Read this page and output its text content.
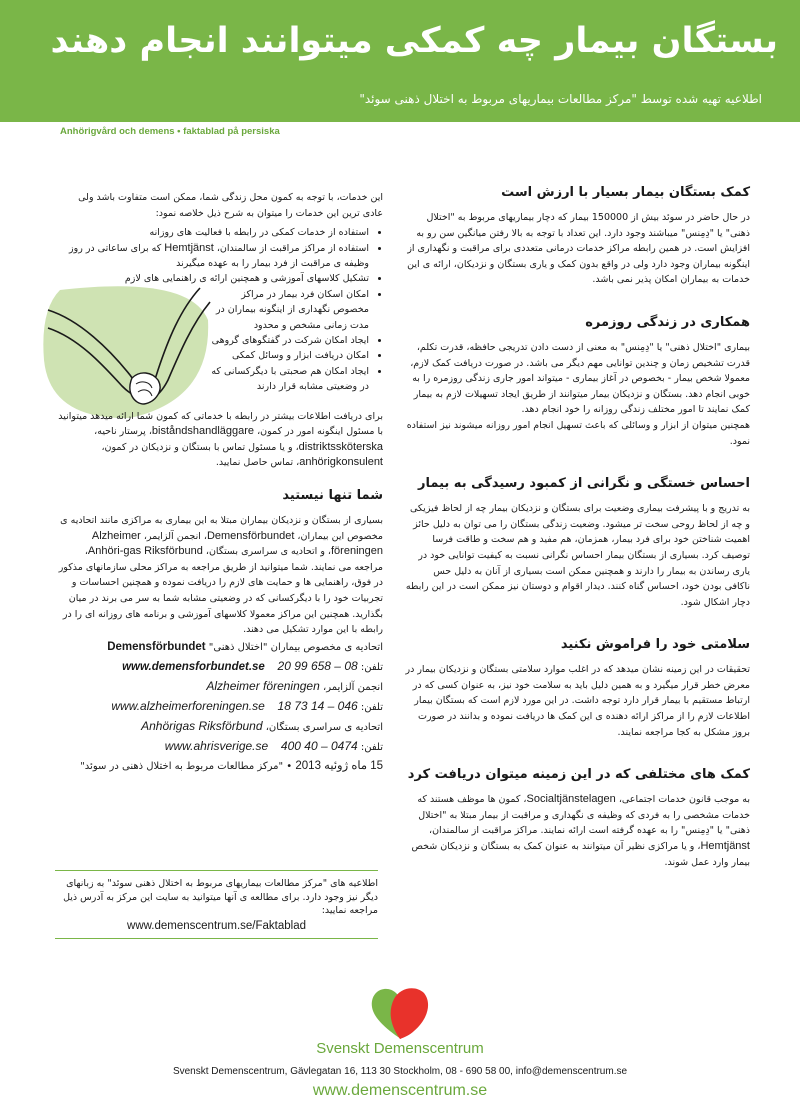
بستگان بیمار چه کمکی میتوانند انجام دهند
اطلاعیه تهیه شده توسط "مرکز مطالعات بیماریهای مربوط به اختلال ذهنی سوئد"
Anhörigvård och demens • faktablad på persiska
کمک بستگان بیمار بسیار با ارزش است

در حال حاضر در سوئد بیش از 150000 بیمار که دچار بیماریهای مربوط به "اختلال ذهنی" یا "دِمِنس" میباشند وجود دارد. این تعداد با توجه به بالا رفتن میانگین سن رو به افزایش است. در همین رابطه مراکز خدمات درمانی متعددی برای مراقبت و نگهداری از اینگونه بیماران وجود دارد ولی در واقع بدون کمک و یاری بستگان و نزدیکان، ارائه ی این خدمات به بیماران امکان پذیر نمی باشد.

همکاری در زندگی روزمره

بیماری "اختلال ذهنی" یا "دِمِنس" به معنی از دست دادن تدریجی حافظه، قدرت تکلم، قدرت تشخیص زمان و چندین توانایی مهم دیگر می باشد. در صورت دریافت کمک لازم، معمولا شخص بیمار - بخصوص در آغاز بیماری - میتواند امور جاری زندگی روزمره را به خوبی انجام دهد. بستگان و نزدیکان بیمار میتوانند از طریق ایجاد تسهیلات لازم به بیمار کمک نمایند تا امور مختلف زندگی روزانه را خود انجام دهد.

همچنین میتوان از ابزار و وسائلی که باعث تسهیل انجام امور روزانه میشوند نیز استفاده نمود.

احساس خستگی و نگرانی از کمبود رسیدگی به بیمار

به تدریج و با پیشرفت بیماری وضعیت برای بستگان و نزدیکان بیمار چه از لحاظ فیزیکی و چه از لحاظ روحی سخت تر میشود. وضعیت زندگی بستگان را می توان به دلیل حائز اهمیت شناختن خود برای فرد بیمار، همزمان، هم مفید و هم سخت و طاقت فرسا توصیف کرد. بسیاری از بستگان بیمار احساس نگرانی نسبت به کیفیت توانایی خود در یاری رساندن به بیمار را دارند و همچنین ممکن است بسیاری از آنان به دلیل حس ناکافی بودن خود، احساس گناه کنند. دیدار اقوام و دوستان نیز ممکن است در این رابطه دچار اشکال شود.

سلامتی خود را فراموش نکنید

تحقیقات در این زمینه نشان میدهد که در اغلب موارد سلامتی بستگان و نزدیکان بیمار در معرض خطر قرار میگیرد و به همین دلیل باید به سلامت خود نیز، به عنوان کسی که در ارتباط مستقیم با بیمار قرار دارد توجه داشت. در این مورد لازم است که بستگان بیمار اطلاعات لازم را از مراکز ارائه دهنده ی این کمک ها دریافت نموده و بدانند در صورت بروز مشکل به کجا مراجعه نمایند.

کمک های مختلفی که در این زمینه میتوان دریافت کرد

به موجب قانون خدمات اجتماعی، Socialtjänstelagen، کمون ها موظف هستند که خدمات مشخصی را به فردی که وظیفه ی نگهداری و مراقبت از بیمار مبتلا به "اختلال ذهنی" یا "دِمِنس" را به عهده گرفته است ارائه نمایند. مراکز مراقبت از سالمندان، Hemtjänst، و یا مراکزی نظیر آن میتوانند به عنوان کمک به بستگان و نزدیکان شخص بیمار وارد عمل شوند.

این خدمات، با توجه به کمون محل زندگی شما، ممکن است متفاوت باشد ولی عادی ترین این خدمات را میتوان به شرح ذیل خلاصه نمود:

• استفاده از خدمات کمکی در رابطه با فعالیت های روزانه
• استفاده از مراکز مراقبت از سالمندان، Hemtjänst که برای ساعاتی در روز وظیفه ی مراقبت از فرد بیمار را به عهده میگیرند
• تشکیل کلاسهای آموزشی و همچنین ارائه ی راهنمایی های لازم
• امکان اسکان فرد بیمار در مراکز مخصوص نگهداری از اینگونه بیماران در مدت زمانی مشخص و محدود
• ایجاد امکان شرکت در گفتگوهای گروهی
• امکان دریافت ابزار و وسائل کمکی
• ایجاد امکان هم صحبتی با دیگرکسانی که در وضعیتی مشابه قرار دارند

برای دریافت اطلاعات بیشتر در رابطه با خدماتی که کمون شما ارائه میدهد میتوانید با مسئول اینگونه امور در کمون، biståndshandläggare، پرستار ناحیه، distriktssköterska، و یا مسئول تماس با بستگان و نزدیکان در کمون، anhörigkonsulent، تماس حاصل نمایید.

شما تنها نیستید

بسیاری از بستگان و نزدیکان بیماران مبتلا به این بیماری به مراکزی مانند اتحادیه ی مخصوص این بیماران، Demensförbundet، انجمن آلزایمر، Alzheimer föreningen، و اتحادیه ی سراسری بستگان، Anhöri-gas Riksförbund، مراجعه می نمایند. شما میتوانید از طریق مراجعه به مراکز محلی سازمانهای مذکور در فوق، راهنمایی ها و حمایت های لازم را دریافت نموده و همچنین احساسات و تجربیات خود را با دیگرکسانی که در وضعیتی مشابه شما به سر می برند در میان بگذارید. همچنین این مراکز معمولا کلاسهای آموزشی و برنامه های روزانه ای را در رابطه با این موارد تشکیل می دهند.

اتحادیه ی مخصوص بیماران "اختلال ذهنی" Demensförbundet
تلفن: 08 – 658 99 20    www.demensforbundet.se
انجمن آلزایمر، Alzheimer föreningen
تلفن: 046 – 14 73 18    www.alzheimerforeningen.se
اتحادیه ی سراسری بستگان، Anhörigas Riksförbund
تلفن: 0474 – 40 400    www.ahrisverige.se
15 ماه ژوئیه 2013 • "مرکز مطالعات مربوط به اختلال ذهنی در سوئد"

اطلاعیه های "مرکز مطالعات بیماریهای مربوط به اختلال ذهنی سوئد" به زبانهای دیگر نیز وجود دارد. برای مطالعه ی آنها میتوانید به سایت این مرکز به آدرس ذیل مراجعه نمایید:

www.demenscentrum.se/Faktablad
Svenskt Demenscentrum
Svenskt Demenscentrum, Gävlegatan 16, 113 30 Stockholm, 08 - 690 58 00, info@demenscentrum.se
www.demenscentrum.se
